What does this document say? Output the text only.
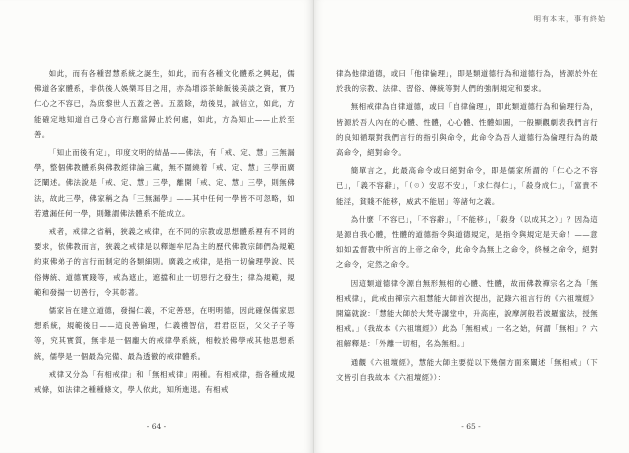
如此，而有各種習慧系統之誕生，如此，而有各種文化體系之興起，儒佛道各家體系，非供後人娛樂耳目之用，亦為增添茶餘飯後美談之資，實乃仁心之不容已，為庶黎世人五蓋之善。五蓋除，劫後見，誠信立，如此，方能確定地知道自己身心言行應當歸止於何處，如此，方為知止——止於至善。

「知止而後有定」，印度文明的結晶——佛法，有「戒、定、慧」三無漏學，整個佛教體系與佛教經律論三藏，無不圍繞着「戒、定、慧」三學而廣泛闡述。佛法說是「戒、定、慧」三學，離開「戒、定、慧」三學，則無佛法，故此三學，佛家稱之為「三無漏學」——其中任何一學皆不可忽略，如若遺漏任何一學，則難謂佛法體系不能成立。

戒者，戒律之省稱，狹義之戒律，在不同的宗教或思想體系裡有不同的要求，依佛教而言，狹義之戒律是以釋迦牟尼為主的歷代佛教宗師們為規範約束佛弟子的言行而制定的各類細則。廣義之戒律，是指一切倫理學說、民俗傳統、道德實踐等，戒為遮止，遮擋和止一切惡行之發生；律為規範，規範和發揚一切善行，令其彰著。

儒家旨在建立道德，發揚仁義，不定善惡，在明明德，因此確保儒家思想系統，規範後日——這良善倫理，仁義禮智信，君君臣臣，父父子子等等，究其實質，無非是一個龐大的戒律學系統，相較於佛學戒其他思想系統，儒學是一個最為完備、最為透徹的戒律體系。

戒律又分為「有相戒律」和「無相戒律」兩種。有相戒律，指各種成規戒條，如法律之種種條文，學人依此，知所進退。有相戒

- 64 -
明有本末，事有終始

律為他律道德，或曰「他律倫理」，即是類道德行為和道德行為，皆源於外在於我的宗教、法律、習俗、傳統等對人們的強制規定和要求。

無相戒律為自律道德，或曰「自律倫理」，即此類道德行為和倫理行為，皆源於吾人內在的心體、性體，心心體、性體如圓，一般顯觀劇表我們言行的良知循環對我們言行的指引與命令，此命令為吾人道德行為倫理行為的最高命令，絕對命令。

簡單言之，此最高命令或曰絕對命令，即是儒家所謂的「仁心之不容已」，「義不容辭」，「（☉）安忍不安」，「求仁得仁」，「殺身成仁」，「富貴不能淫，貧賤不能移，威武不能屈」等諸句之義。

為什麼「不容已」，「不容辭」，「不能移」，「殺身（以成其之）」？因為這是源自我心體，性體的道德指令與道德規定，是指令與規定是天命！——意如如孟督教中所言的上帝之命令，此命令為無上之命令，終極之命令，絕對之命令，定然之命令。

因這類道德律令源自無形無相的心體、性體，故而佛教禪宗名之為「無相戒律」，此戒由禪宗六祖慧能大師首次提出，記錄六祖言行的《六祖壇經》開篇就說：「慧能大師於大梵寺講堂中，升高座，說摩訶般若波羅蜜法，授無相戒。」（我故本《六祖壇經》）此為「無相戒」一名之始，何謂「無相」？六祖解釋是：「外離一切相，名為無相。」

通觀《六祖壇經》，慧能大師主要從以下幾個方面來闡述「無相戒」（下文皆引自我故本《六祖壇經》）：

- 65 -
